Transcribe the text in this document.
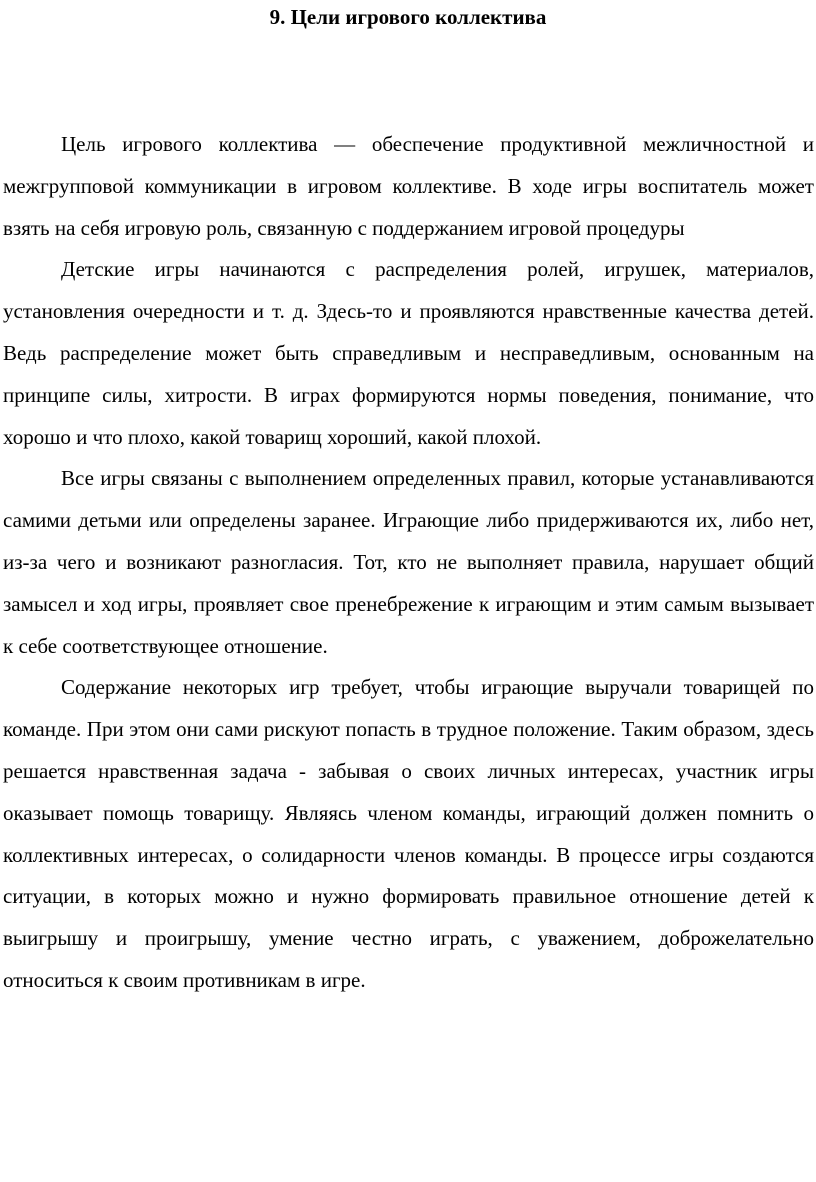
9. Цели игрового коллектива

Цель игрового коллектива — обеспечение продуктивной межличностной и межгрупповой коммуникации в игровом коллективе. В ходе игры воспитатель может взять на себя игровую роль, связанную с поддержанием игровой процедуры

Детские игры начинаются с распределения ролей, игрушек, материалов, установления очередности и т. д. Здесь-то и проявляются нравственные качества детей. Ведь распределение может быть справедливым и несправедливым, основанным на принципе силы, хитрости. В играх формируются нормы поведения, понимание, что хорошо и что плохо, какой товарищ хороший, какой плохой.

Все игры связаны с выполнением определенных правил, которые устанавливаются самими детьми или определены заранее. Играющие либо придерживаются их, либо нет, из-за чего и возникают разногласия. Тот, кто не выполняет правила, нарушает общий замысел и ход игры, проявляет свое пренебрежение к играющим и этим самым вызывает к себе соответствующее отношение.

Содержание некоторых игр требует, чтобы играющие выручали товарищей по команде. При этом они сами рискуют попасть в трудное положение. Таким образом, здесь решается нравственная задача - забывая о своих личных интересах, участник игры оказывает помощь товарищу. Являясь членом команды, играющий должен помнить о коллективных интересах, о солидарности членов команды. В процессе игры создаются ситуации, в которых можно и нужно формировать правильное отношение детей к выигрышу и проигрышу, умение честно играть, с уважением, доброжелательно относиться к своим противникам в игре.
